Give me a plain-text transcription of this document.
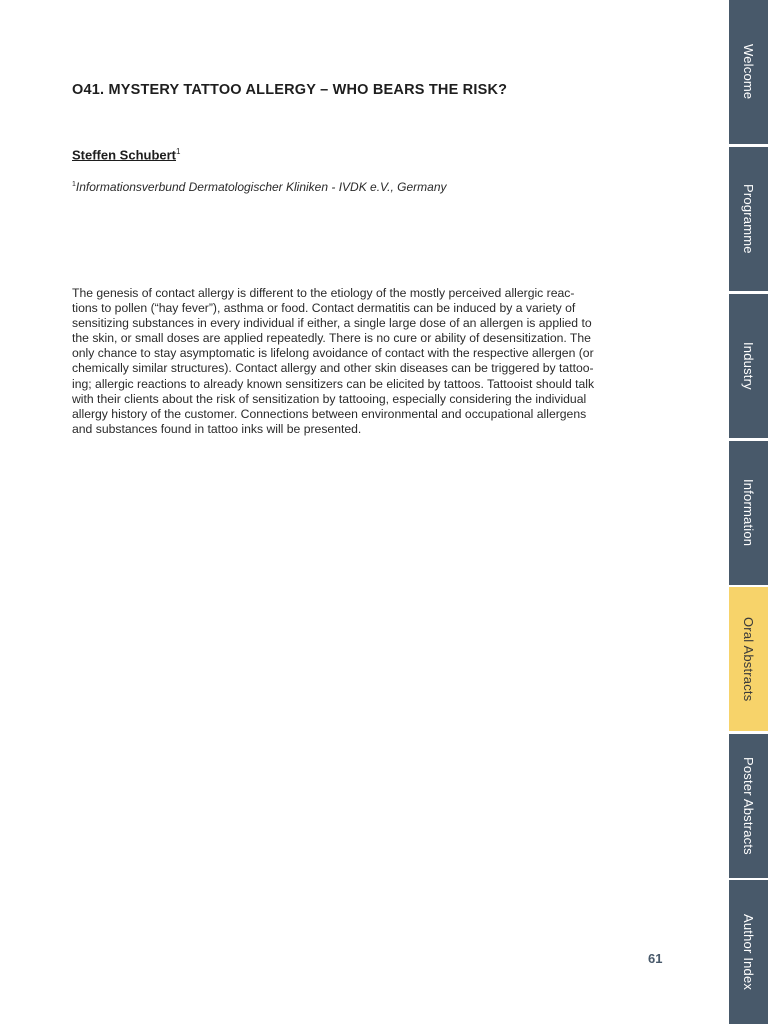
O41. MYSTERY TATTOO ALLERGY – WHO BEARS THE RISK?
Steffen Schubert$^1$
$^1$Informationsverbund Dermatologischer Kliniken - IVDK e.V., Germany

The genesis of contact allergy is different to the etiology of the mostly perceived allergic reac-
tions to pollen (“hay fever”), asthma or food. Contact dermatitis can be induced by a variety of
sensitizing substances in every individual if either, a single large dose of an allergen is applied to
the skin, or small doses are applied repeatedly. There is no cure or ability of desensitization. The
only chance to stay asymptomatic is lifelong avoidance of contact with the respective allergen (or
chemically similar structures). Contact allergy and other skin diseases can be triggered by tattoo-
ing; allergic reactions to already known sensitizers can be elicited by tattoos. Tattooist should talk
with their clients about the risk of sensitization by tattooing, especially considering the individual
allergy history of the customer. Connections between environmental and occupational allergens
and substances found in tattoo inks will be presented.

61
Welcome
Programme
Industry
Information
Oral Abstracts
Poster Abstracts
Author Index
